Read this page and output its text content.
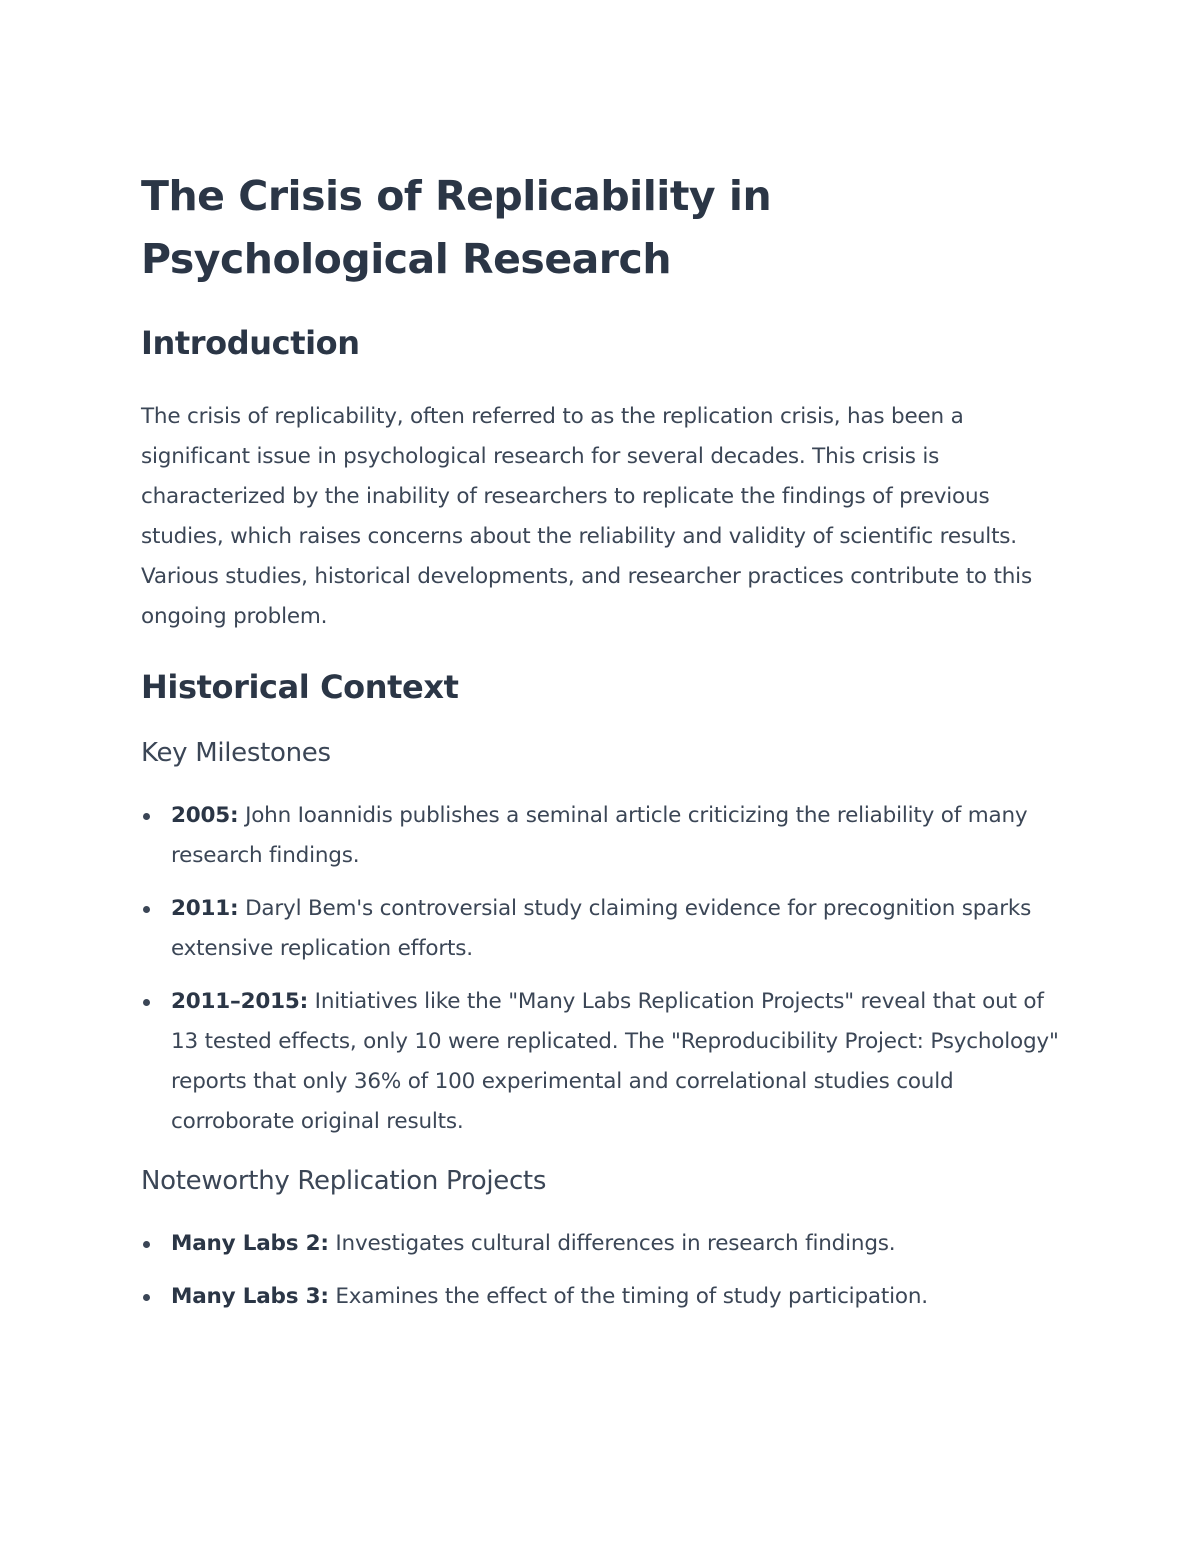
The Crisis of Replicability in Psychological Research
Introduction

The crisis of replicability, often referred to as the replication crisis, has been a significant issue in psychological research for several decades. This crisis is characterized by the inability of researchers to replicate the findings of previous studies, which raises concerns about the reliability and validity of scientific results. Various studies, historical developments, and researcher practices contribute to this ongoing problem.

Historical Context
Key Milestones
2005: John Ioannidis publishes a seminal article criticizing the reliability of many research findings.
2011: Daryl Bem's controversial study claiming evidence for precognition sparks extensive replication efforts.
2011–2015: Initiatives like the "Many Labs Replication Projects" reveal that out of 13 tested effects, only 10 were replicated. The "Reproducibility Project: Psychology" reports that only 36% of 100 experimental and correlational studies could corroborate original results.
Noteworthy Replication Projects
Many Labs 2: Investigates cultural differences in research findings.
Many Labs 3: Examines the effect of the timing of study participation.
